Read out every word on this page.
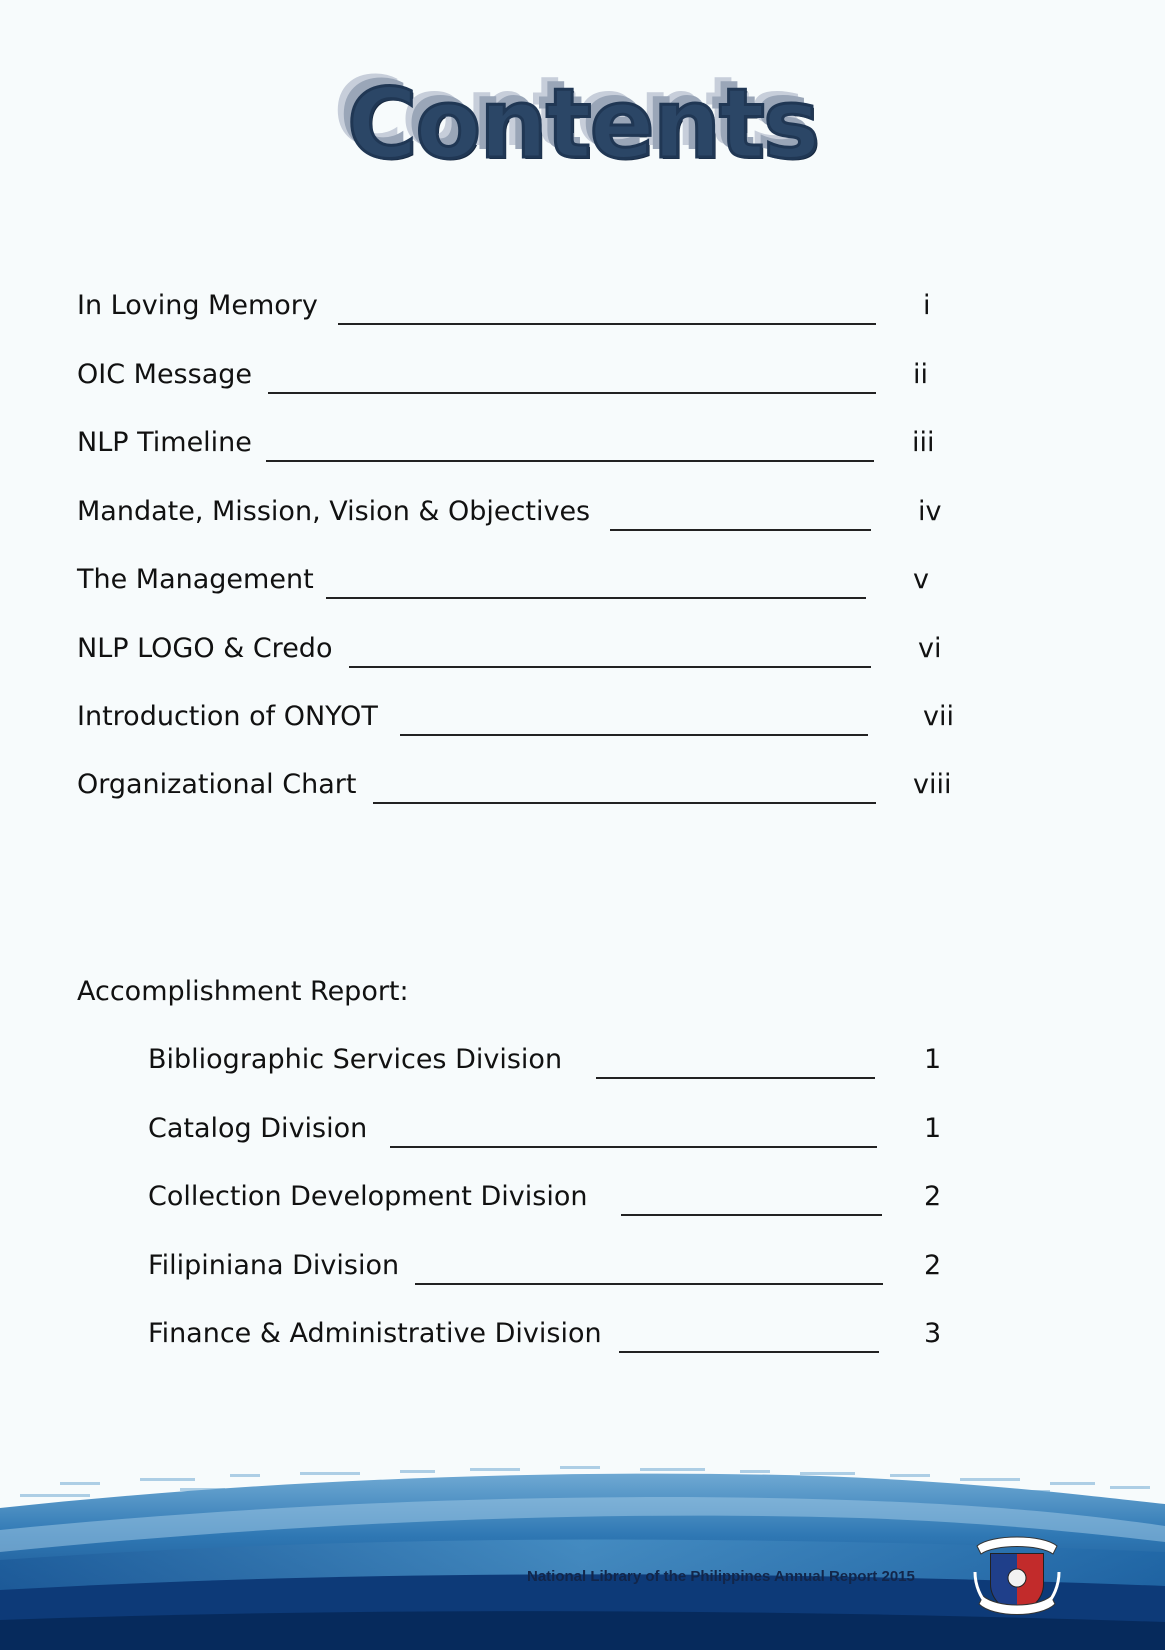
Contents
In Loving Memory	i
OIC Message	ii
NLP Timeline	iii
Mandate, Mission, Vision & Objectives	iv
The Management	v
NLP LOGO & Credo	vi
Introduction of ONYOT	vii
Organizational Chart	viii
Accomplishment Report:
Bibliographic Services Division	1
Catalog Division	1
Collection Development Division	2
Filipiniana Division	2
Finance & Administrative Division	3
National Library of the Philippines Annual Report 2015
